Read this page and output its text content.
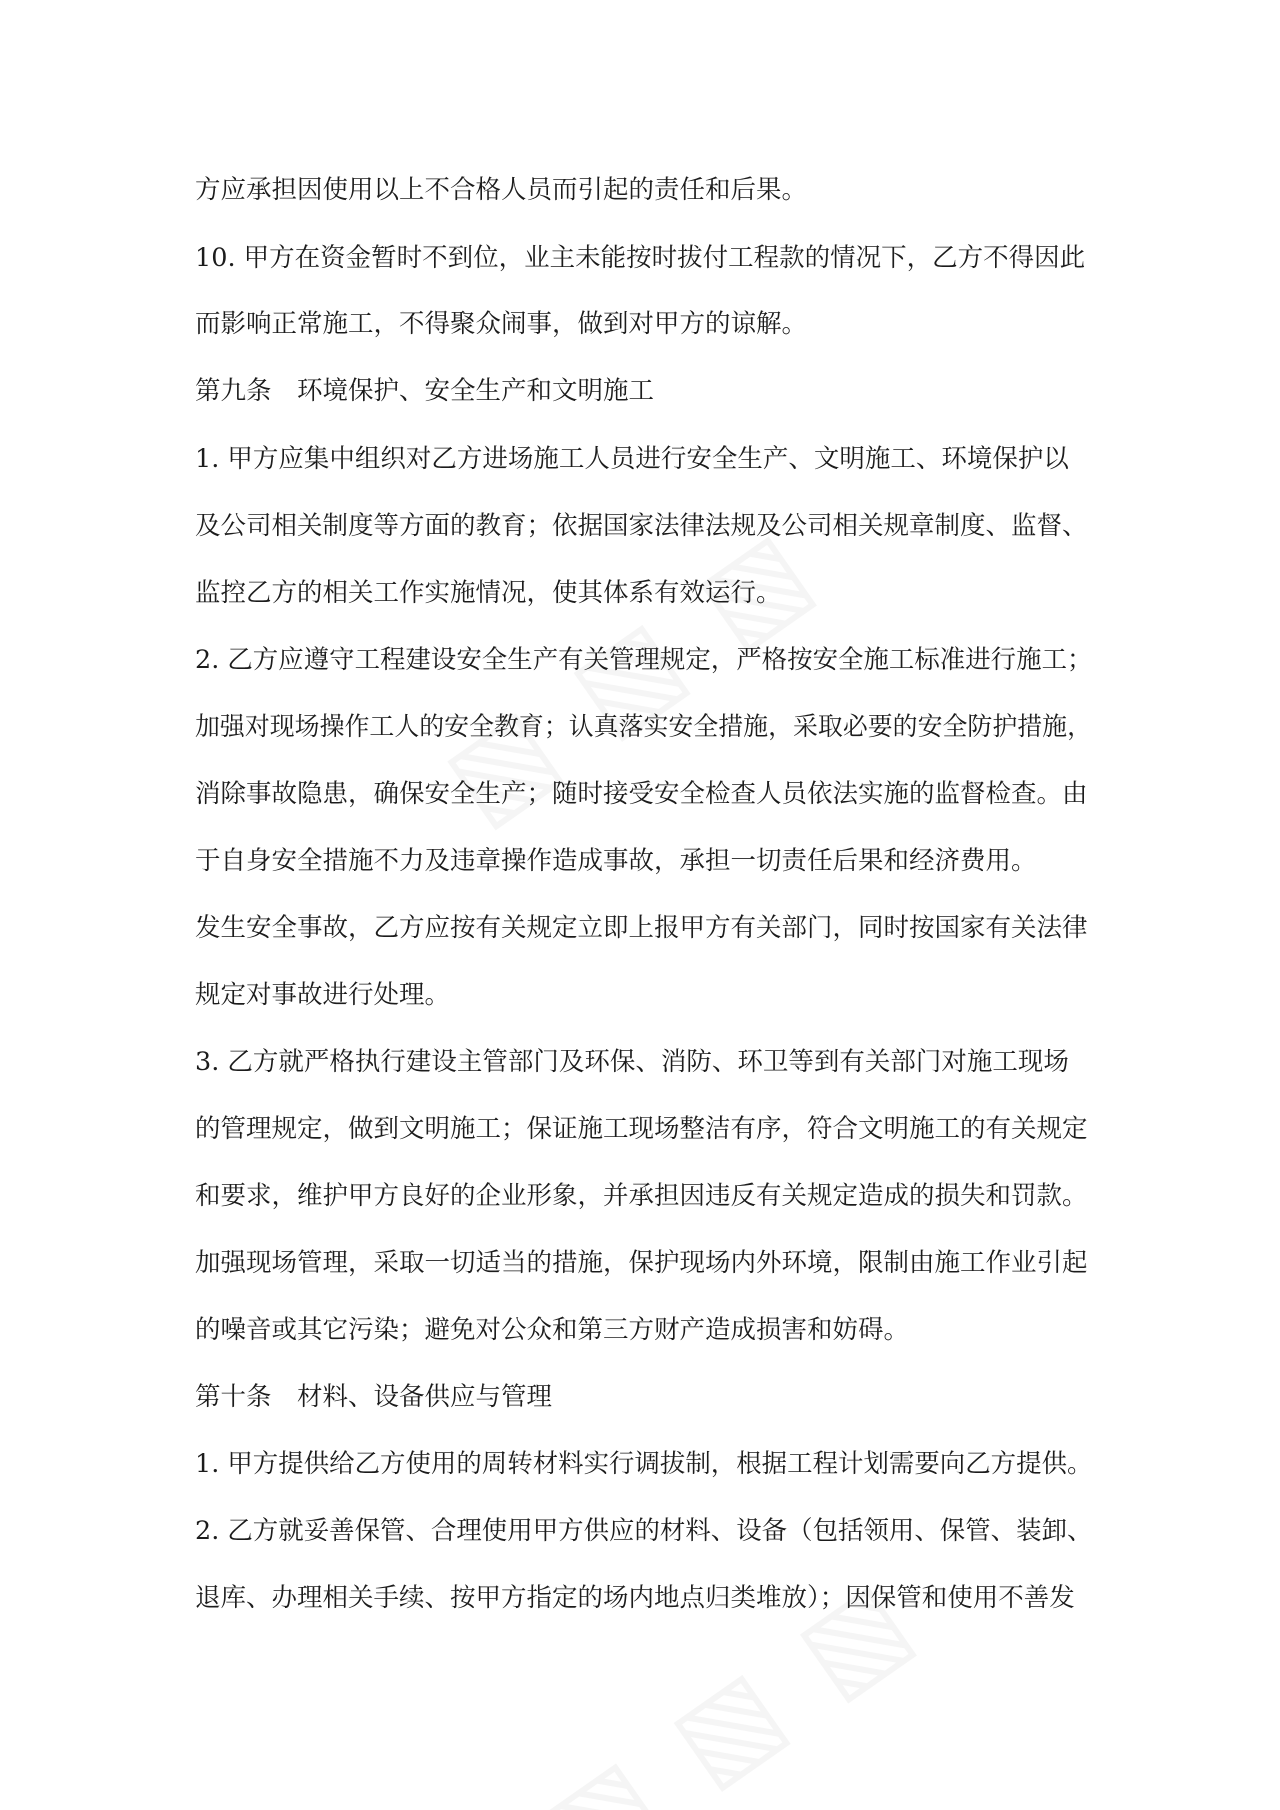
方应承担因使用以上不合格人员而引起的责任和后果。
10. 甲方在资金暂时不到位，业主未能按时拔付工程款的情况下，乙方不得因此
而影响正常施工，不得聚众闹事，做到对甲方的谅解。
第九条　环境保护、安全生产和文明施工
1. 甲方应集中组织对乙方进场施工人员进行安全生产、文明施工、环境保护以
及公司相关制度等方面的教育；依据国家法律法规及公司相关规章制度、监督、
监控乙方的相关工作实施情况，使其体系有效运行。
2. 乙方应遵守工程建设安全生产有关管理规定，严格按安全施工标准进行施工；
加强对现场操作工人的安全教育；认真落实安全措施，采取必要的安全防护措施，
消除事故隐患，确保安全生产；随时接受安全检查人员依法实施的监督检查。由
于自身安全措施不力及违章操作造成事故，承担一切责任后果和经济费用。
发生安全事故，乙方应按有关规定立即上报甲方有关部门，同时按国家有关法律
规定对事故进行处理。
3. 乙方就严格执行建设主管部门及环保、消防、环卫等到有关部门对施工现场
的管理规定，做到文明施工；保证施工现场整洁有序，符合文明施工的有关规定
和要求，维护甲方良好的企业形象，并承担因违反有关规定造成的损失和罚款。
加强现场管理，采取一切适当的措施，保护现场内外环境，限制由施工作业引起
的噪音或其它污染；避免对公众和第三方财产造成损害和妨碍。
第十条　材料、设备供应与管理
1. 甲方提供给乙方使用的周转材料实行调拔制，根据工程计划需要向乙方提供。
2. 乙方就妥善保管、合理使用甲方供应的材料、设备（包括领用、保管、装卸、
退库、办理相关手续、按甲方指定的场内地点归类堆放）；因保管和使用不善发
